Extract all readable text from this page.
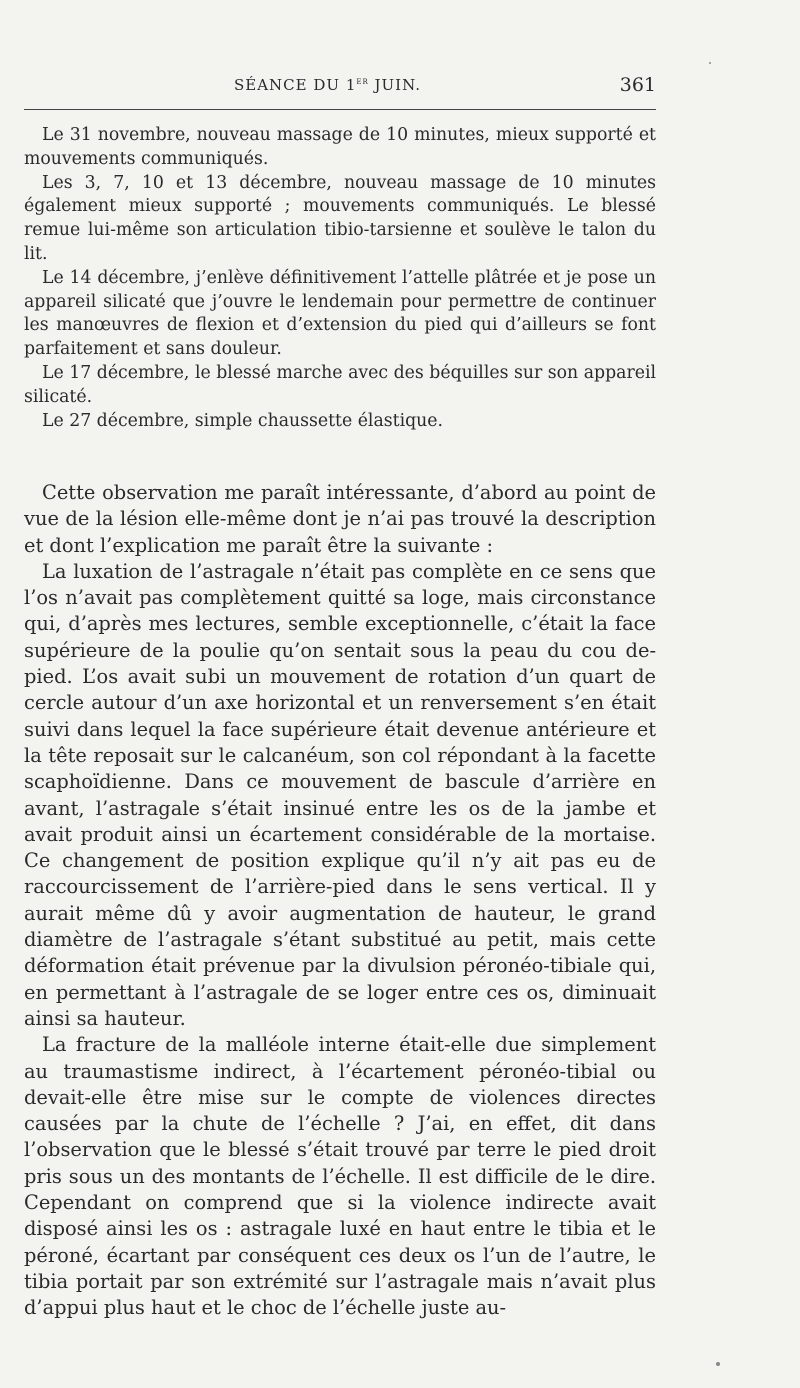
SÉANCE DU 1er JUIN.	361

Le 31 novembre, nouveau massage de 10 minutes, mieux supporté et mouvements communiqués.

Les 3, 7, 10 et 13 décembre, nouveau massage de 10 minutes également mieux supporté ; mouvements communiqués. Le blessé remue lui-même son articulation tibio-tarsienne et soulève le talon du lit.

Le 14 décembre, j’enlève définitivement l’attelle plâtrée et je pose un appareil silicaté que j’ouvre le lendemain pour permettre de continuer les manœuvres de flexion et d’extension du pied qui d’ailleurs se font parfaitement et sans douleur.

Le 17 décembre, le blessé marche avec des béquilles sur son appareil silicaté.

Le 27 décembre, simple chaussette élastique.

Cette observation me paraît intéressante, d’abord au point de vue de la lésion elle-même dont je n’ai pas trouvé la description et dont l’explication me paraît être la suivante :

La luxation de l’astragale n’était pas complète en ce sens que l’os n’avait pas complètement quitté sa loge, mais circonstance qui, d’après mes lectures, semble exceptionnelle, c’était la face supérieure de la poulie qu’on sentait sous la peau du cou de-pied. L’os avait subi un mouvement de rotation d’un quart de cercle autour d’un axe horizontal et un renversement s’en était suivi dans lequel la face supérieure était devenue antérieure et la tête reposait sur le calcanéum, son col répondant à la facette scaphoïdienne. Dans ce mouvement de bascule d’arrière en avant, l’astragale s’était insinué entre les os de la jambe et avait produit ainsi un écartement considérable de la mortaise. Ce changement de position explique qu’il n’y ait pas eu de raccourcissement de l’arrière-pied dans le sens vertical. Il y aurait même dû y avoir augmentation de hauteur, le grand diamètre de l’astragale s’étant substitué au petit, mais cette déformation était prévenue par la divulsion péronéo-tibiale qui, en permettant à l’astragale de se loger entre ces os, diminuait ainsi sa hauteur.

La fracture de la malléole interne était-elle due simplement au traumastisme indirect, à l’écartement péronéo-tibial ou devait-elle être mise sur le compte de violences directes causées par la chute de l’échelle ? J’ai, en effet, dit dans l’observation que le blessé s’était trouvé par terre le pied droit pris sous un des montants de l’échelle. Il est difficile de le dire. Cependant on comprend que si la violence indirecte avait disposé ainsi les os : astragale luxé en haut entre le tibia et le péroné, écartant par conséquent ces deux os l’un de l’autre, le tibia portait par son extrémité sur l’astragale mais n’avait plus d’appui plus haut et le choc de l’échelle juste au-
